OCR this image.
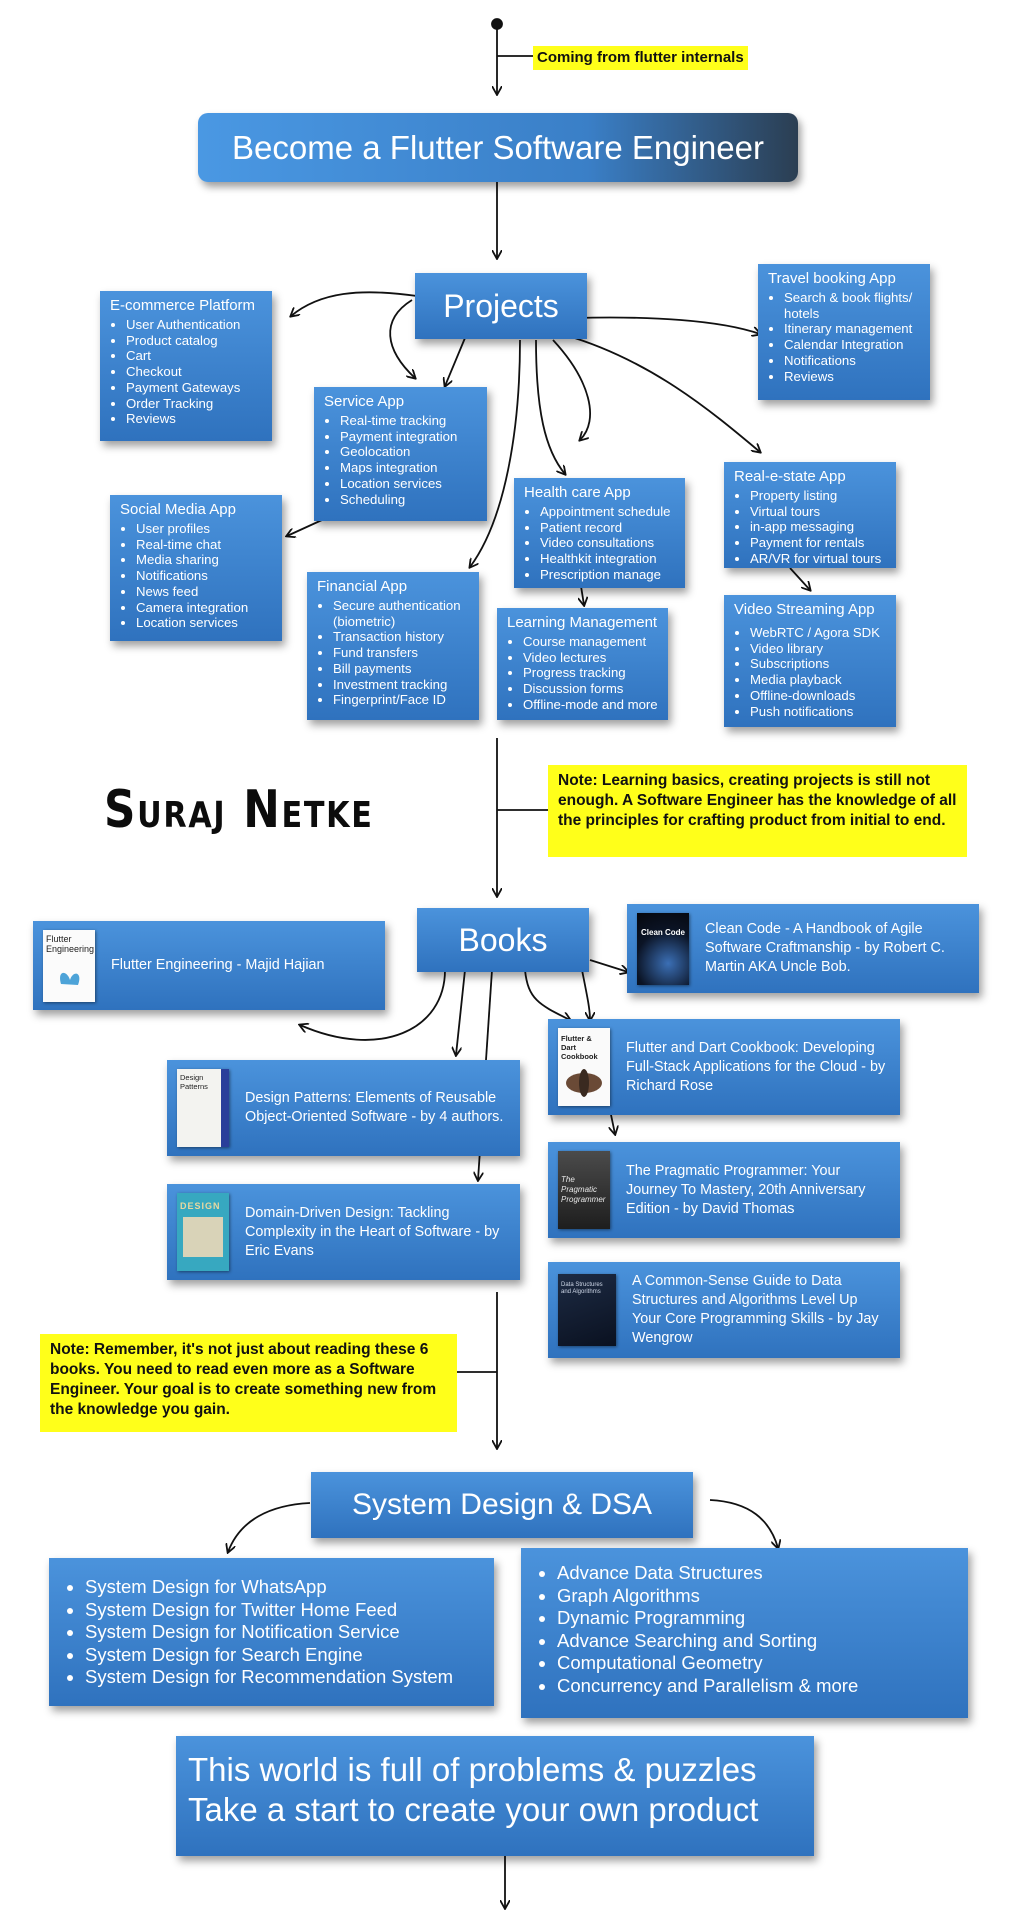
Coming from flutter internals
Become a Flutter Software Engineer
Projects
E-commerce Platform
• User Authentication
• Product catalog
• Cart
• Checkout
• Payment Gateways
• Order Tracking
• Reviews
Service App
• Real-time tracking
• Payment integration
• Geolocation
• Maps integration
• Location services
• Scheduling
Travel booking App
• Search & book flights/ hotels
• Itinerary management
• Calendar Integration
• Notifications
• Reviews
Social Media App
• User profiles
• Real-time chat
• Media sharing
• Notifications
• News feed
• Camera integration
• Location services
Health care App
• Appointment schedule
• Patient record
• Video consultations
• Healthkit integration
• Prescription manage
Real-e-state App
• Property listing
• Virtual tours
• in-app messaging
• Payment for rentals
• AR/VR for virtual tours
Financial App
• Secure authentication (biometric)
• Transaction history
• Fund transfers
• Bill payments
• Investment tracking
• Fingerprint/Face ID
Learning Management
• Course management
• Video lectures
• Progress tracking
• Discussion forms
• Offline-mode and more
Video Streaming App
• WebRTC / Agora SDK
• Video library
• Subscriptions
• Media playback
• Offline-downloads
• Push notifications
Suraj Netke	Note: Learning basics, creating projects is still not enough. A Software Engineer has the knowledge of all the principles for crafting product from initial to end.
Books
Flutter Engineering
Flutter Engineering - Majid Hajian
Clean Code Clean Code - A Handbook of Agile Software Craftmanship - by Robert C. Martin AKA Uncle Bob.
Flutter & Dart Cookbook
Flutter and Dart Cookbook: Developing Full-Stack Applications for the Cloud - by Richard Rose
Design Patterns
Design Patterns: Elements of Reusable Object-Oriented Software - by 4 authors.
The Pragmatic Programmer
The Pragmatic Programmer: Your Journey To Mastery, 20th Anniversary Edition - by David Thomas
DESIGN	Domain-Driven Design: Tackling Complexity in the Heart of Software - by Eric Evans
Data Structures and Algorithms
A Common-Sense Guide to Data Structures and Algorithms Level Up Your Core Programming Skills - by Jay Wengrow
Note: Remember, it's not just about reading these 6 books. You need to read even more as a Software Engineer. Your goal is to create something new from the knowledge you gain.
System Design & DSA
• System Design for WhatsApp
• System Design for Twitter Home Feed
• System Design for Notification Service
• System Design for Search Engine
• System Design for Recommendation System
• Advance Data Structures
• Graph Algorithms
• Dynamic Programming
• Advance Searching and Sorting
• Computational Geometry
• Concurrency and Parallelism & more
This world is full of problems & puzzles
Take a start to create your own product
